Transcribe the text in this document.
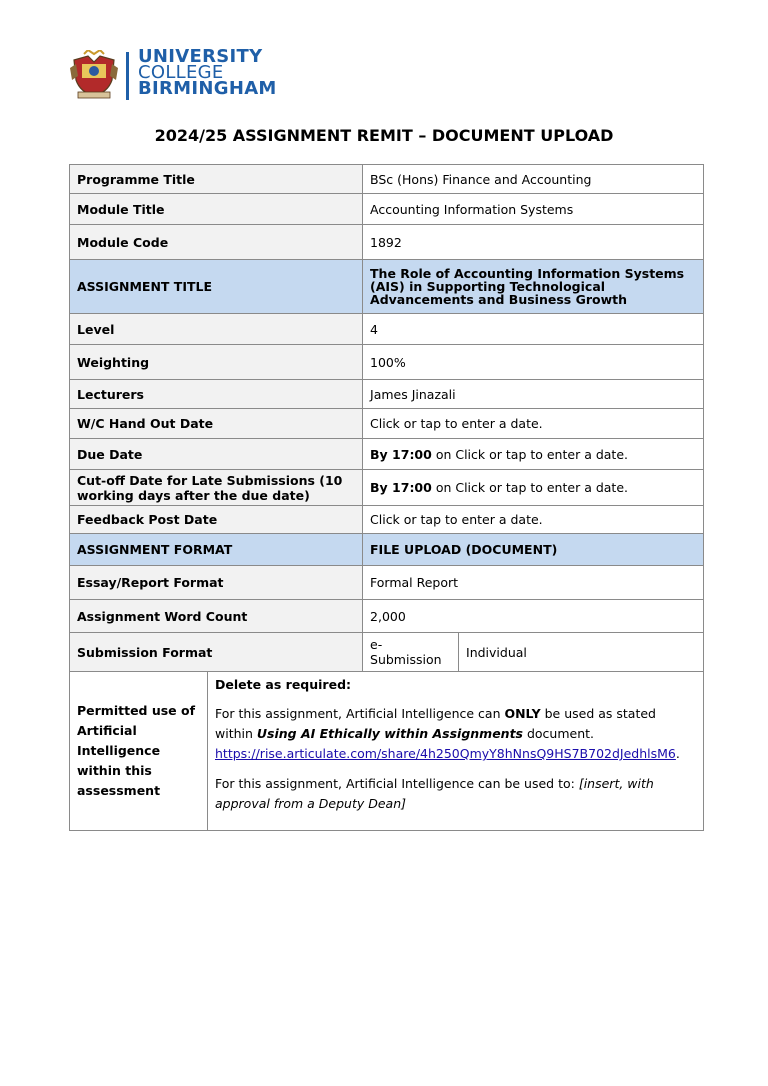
UNIVERSITY
COLLEGE
BIRMINGHAM
2024/25 ASSIGNMENT REMIT – DOCUMENT UPLOAD
Programme Title		BSc (Hons) Finance and Accounting	
Module Title		Accounting Information Systems	
Module Code		1892	
ASSIGNMENT TITLE		The Role of Accounting Information Systems (AIS) in Supporting Technological Advancements and Business Growth	
Level		4	
Weighting		100%	
Lecturers		James Jinazali	
W/C Hand Out Date		Click or tap to enter a date.	
Due Date		By 17:00 on Click or tap to enter a date.	
Cut-off Date for Late Submissions (10 working days after the due date)		By 17:00 on Click or tap to enter a date.	
Feedback Post Date		Click or tap to enter a date.	
ASSIGNMENT FORMAT		FILE UPLOAD (DOCUMENT)	
Essay/Report Format		Formal Report	
Assignment Word Count		2,000	
Submission Format		e-Submission	Individual

Permitted use of Artificial Intelligence within this assessment	Delete as required:
For this assignment, Artificial Intelligence can ONLY be used as stated within Using AI Ethically within Assignments document.
https://rise.articulate.com/share/4h250QmyY8hNnsQ9HS7B702dJedhlsM6.
For this assignment, Artificial Intelligence can be used to: [insert, with approval from a Deputy Dean]		
